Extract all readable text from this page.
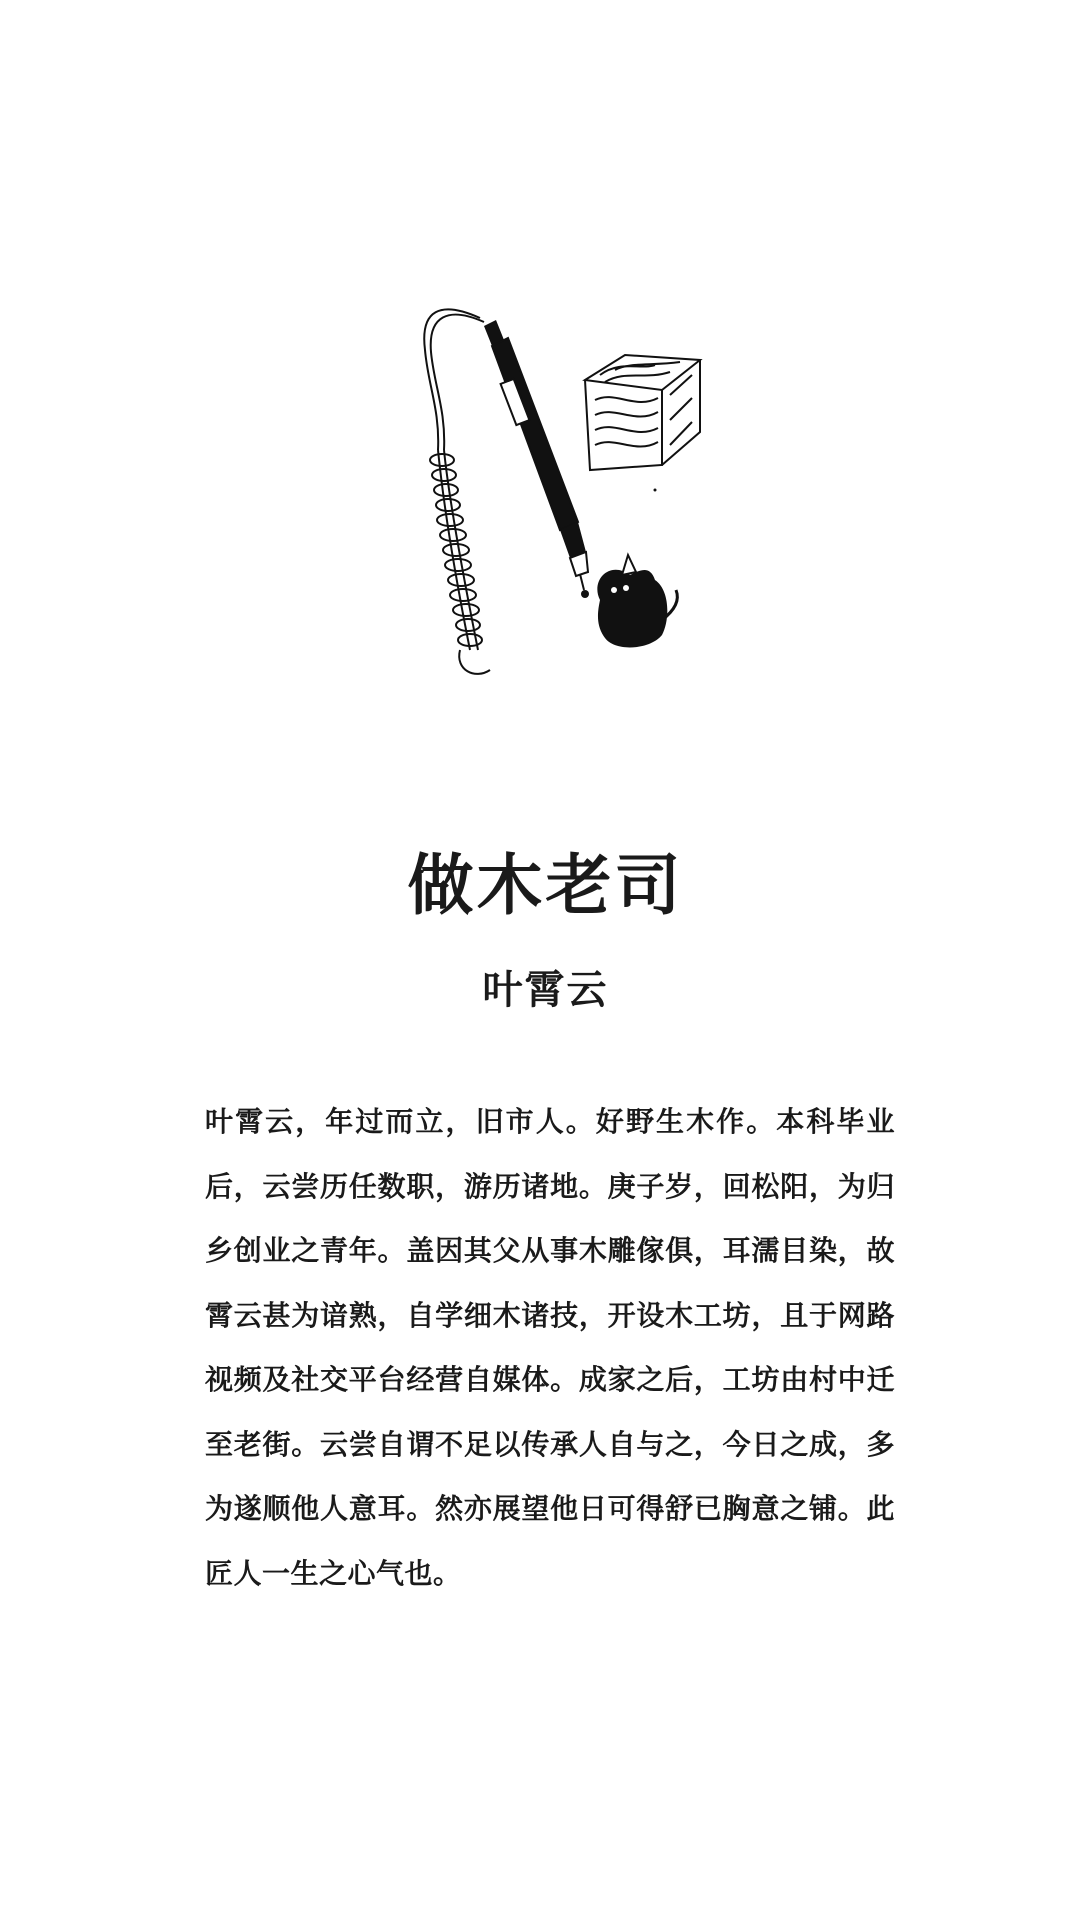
做木老司
叶霄云

叶霄云，年过而立，旧市人。好野生木作。本科毕业后，云尝历任数职，游历诸地。庚子岁，回松阳，为归乡创业之青年。盖因其父从事木雕傢俱，耳濡目染，故霄云甚为谙熟，自学细木诸技，开设木工坊，且于网路视频及社交平台经营自媒体。成家之后，工坊由村中迁至老街。云尝自谓不足以传承人自与之，今日之成，多为遂顺他人意耳。然亦展望他日可得舒已胸意之铺。此匠人一生之心气也。
